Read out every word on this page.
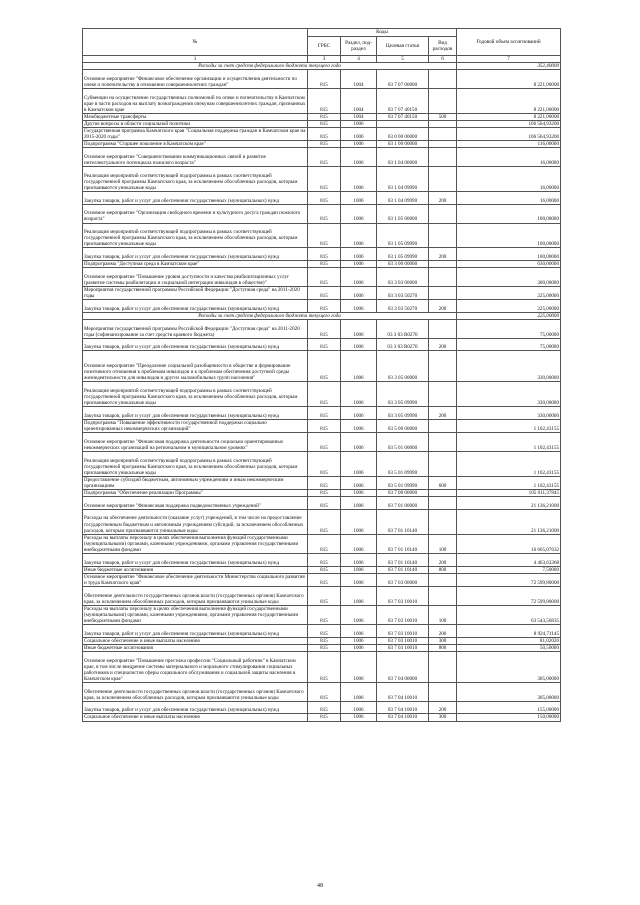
№	Коды				Годовой объем ассигнований
	ГРБС	Раздел, под-раздел	Целевая статья	Вид расходов	
1	3	4	5	6	7
Расходы за счет средств федерального бюджета текущего года					352,40000
Основное мероприятие "Финансовое обеспечение организации и осуществления деятельности по опеке и попечительству в отношении совершеннолетних граждан"	815	1004	03 7 07 00000		8 221,00000
Субвенции на осуществление государственных полномочий по опеке и попечительству в Камчатском крае в части расходов на выплату вознаграждения опекунам совершеннолетних граждан, признанных в Камчатском крае	815	1004	03 7 07 40150		8 221,00000
Межбюджетные трансферты	815	1004	03 7 07 40150	500	8 221,00000
Другие вопросы в области социальной политики	815	1006			106 564,93200
Государственная программа Камчатского края "Социальная поддержка граждан в Камчатском крае на 2015-2020 годы"	815	1006	03 0 00 00000		106 564,93200
Подпрограмма "Старшее поколение в Камчатском крае"	815	1006	03 1 00 00000		116,00000
Основное мероприятие "Совершенствование коммуникационных связей и развитие интеллектуального потенциала пожилого возраста"	815	1006	03 1 04 00000		16,00000
Реализация мероприятий соответствующей подпрограммы в рамках соответствующей государственной программы Камчатского края, за исключением обособленных расходов, которым присваиваются уникальные коды	815	1006	03 1 04 09990		16,00000
Закупка товаров, работ и услуг для обеспечения государственных (муниципальных) нужд	815	1006	03 1 04 09990	200	16,00000
Основное мероприятие "Организация свободного времени и культурного досуга граждан пожилого возраста"	815	1006	03 1 05 00000		100,00000
Реализация мероприятий соответствующей подпрограммы в рамках соответствующей государственной программы Камчатского края, за исключением обособленных расходов, которым присваиваются уникальные коды	815	1006	03 1 05 09990		100,00000
Закупка товаров, работ и услуг для обеспечения государственных (муниципальных) нужд	815	1006	03 1 05 09990	200	100,00000
Подпрограмма "Доступная среда в Камчатском крае"	815	1006	03 3 00 00000		630,00000
Основное мероприятие "Повышение уровня доступности и качества реабилитационных услуг (развитие системы реабилитации и социальной интеграции инвалидов в обществе)"	815	1006	03 3 03 00000		300,00000
Мероприятия государственной программы Российской Федерации "Доступная среда" на 2011-2020 годы	815	1006	03 3 03 50270		225,00000
Закупка товаров, работ и услуг для обеспечения государственных (муниципальных) нужд	815	1006	03 3 03 50270	200	225,00000
Расходы за счет средств федерального бюджета текущего года					225,00000
Мероприятия государственной программы Российской Федерации "Доступная среда" на 2011-2020 годы (софинансирование за счет средств краевого бюджета)	815	1006	03 3 03 R0270		75,00000
Закупка товаров, работ и услуг для обеспечения государственных (муниципальных) нужд	815	1006	03 3 03 R0270	200	75,00000
Основное мероприятие "Преодоление социальной разобщенности в обществе и формирование позитивного отношения к проблемам инвалидов и к проблемам обеспечения доступной среды жизнедеятельности для инвалидов и других маломобильных групп населения"	815	1006	03 3 05 00000		330,00000
Реализация мероприятий соответствующей подпрограммы в рамках соответствующей государственной программы Камчатского края, за исключением обособленных расходов, которым присваиваются уникальные коды	815	1006	03 3 05 09990		330,00000
Закупка товаров, работ и услуг для обеспечения государственных (муниципальных) нужд	815	1006	03 3 05 09990	200	330,00000
Подпрограмма "Повышение эффективности государственной поддержки социально ориентированных некоммерческих организаций"	815	1006	03 5 00 00000		1 102,43155
Основное мероприятие "Финансовая поддержка деятельности социально ориентированных некоммерческих организаций на региональном и муниципальном уровнях"	815	1006	03 5 01 00000		1 102,43155
Реализация мероприятий соответствующей подпрограммы в рамках соответствующей государственной программы Камчатского края, за исключением обособленных расходов, которым присваиваются уникальные коды	815	1006	03 5 01 09990		1 102,43155
Предоставление субсидий бюджетным, автономным учреждениям и иным некоммерческим организациям	815	1006	03 5 01 09990	600	1 102,43155
Подпрограмма "Обеспечение реализации Программы"	815	1006	03 7 00 00000		105 011,37845
Основное мероприятие "Финансовая поддержка подведомственных учреждений"	815	1006	03 7 01 00000		21 136,21000
Расходы на обеспечение деятельности (оказание услуг) учреждений, в том числе на предоставление государственным бюджетным и автономным учреждениям субсидий, за исключением обособленных расходов, которым присваиваются уникальные коды	815	1006	03 7 01 10140		21 136,21000
Расходы на выплаты персоналу в целях обеспечения выполнения функций государственными (муниципальными) органами, казенными учреждениями, органами управления государственными внебюджетными фондами	815	1006	03 7 01 10140	100	16 665,07632
Закупка товаров, работ и услуг для обеспечения государственных (муниципальных) нужд	815	1006	03 7 01 10140	200	4 463,63368
Иные бюджетные ассигнования	815	1006	03 7 01 10140	800	7,50000
Основное мероприятие "Финансовое обеспечение деятельности Министерства социального развития и труда Камчатского края"	815	1006	03 7 03 00000		72 599,80000
Обеспечение деятельности государственных органов власти (государственных органов) Камчатского края, за исключением обособленных расходов, которым присваиваются уникальные коды	815	1006	03 7 03 10010		72 599,80000
Расходы на выплаты персоналу в целях обеспечения выполнения функций государственными (муниципальными) органами, казенными учреждениями, органами управления государственными внебюджетными фондами	815	1006	03 7 03 10010	100	63 543,56835
Закупка товаров, работ и услуг для обеспечения государственных (муниципальных) нужд	815	1006	03 7 03 10010	200	8 924,71145
Социальное обеспечение и иные выплаты населению	815	1006	03 7 03 10010	300	81,02020
Иные бюджетные ассигнования	815	1006	03 7 03 10010	800	50,50000
Основное мероприятие "Повышение престижа профессии "Социальный работник" в Камчатском крае, в том числе внедрение системы материального и морального стимулирования социальных работников и специалистов сферы социального обслуживания и социальной защиты населения в Камчатском крае"	815	1006	03 7 04 00000		305,00000
Обеспечение деятельности государственных органов власти (государственных органов) Камчатского края, за исключением обособленных расходов, которым присваиваются уникальные коды	815	1006	03 7 04 10010		305,00000
Закупка товаров, работ и услуг для обеспечения государственных (муниципальных) нужд	815	1006	03 7 04 10010	200	155,00000
Социальное обеспечение и иные выплаты населению	815	1006	03 7 04 10010	300	150,00000
48
